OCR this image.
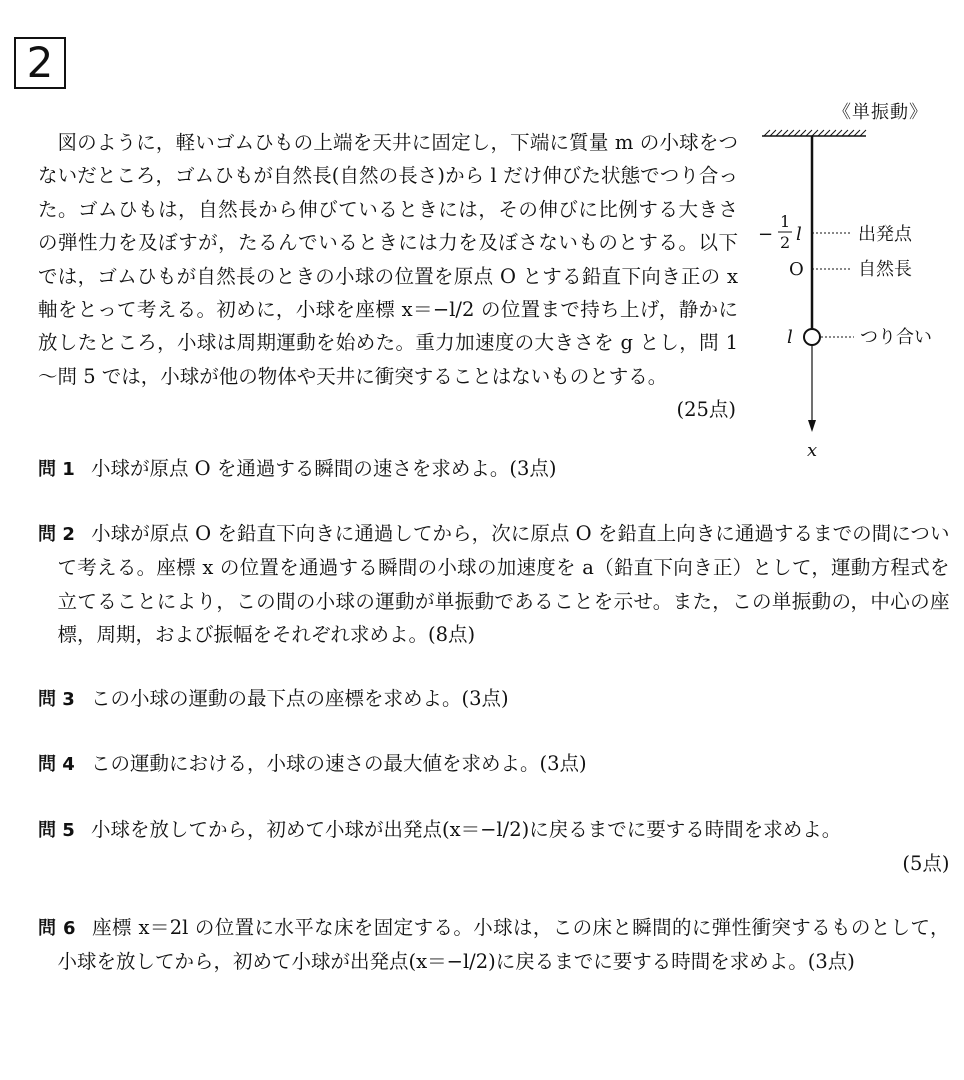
2
《単振動》

図のように，軽いゴムひもの上端を天井に固定し，下端に質量 m の小球をつないだところ，ゴムひもが自然長(自然の長さ)から l だけ伸びた状態でつり合った。ゴムひもは，自然長から伸びているときには，その伸びに比例する大きさの弾性力を及ぼすが，たるんでいるときには力を及ぼさないものとする。以下では，ゴムひもが自然長のときの小球の位置を原点 O とする鉛直下向き正の x 軸をとって考える。初めに，小球を座標 x＝−l/2 の位置まで持ち上げ，静かに放したところ，小球は周期運動を始めた。重力加速度の大きさを g とし，問 1～問 5 では，小球が他の物体や天井に衝突することはないものとする。
(25点)

x
−
1
2 l
O
l
出発点
自然長
つり合い

問 1 小球が原点 O を通過する瞬間の速さを求めよ。(3点)

問 2 小球が原点 O を鉛直下向きに通過してから，次に原点 O を鉛直上向きに通過するまでの間について考える。座標 x の位置を通過する瞬間の小球の加速度を a（鉛直下向き正）として，運動方程式を立てることにより，この間の小球の運動が単振動であることを示せ。また，この単振動の，中心の座標，周期，および振幅をそれぞれ求めよ。(8点)

問 3 この小球の運動の最下点の座標を求めよ。(3点)

問 4 この運動における，小球の速さの最大値を求めよ。(3点)

問 5 小球を放してから，初めて小球が出発点(x＝−l/2)に戻るまでに要する時間を求めよ。
(5点)

問 6 座標 x＝2l の位置に水平な床を固定する。小球は，この床と瞬間的に弾性衝突するものとして，小球を放してから，初めて小球が出発点(x＝−l/2)に戻るまでに要する時間を求めよ。(3点)
